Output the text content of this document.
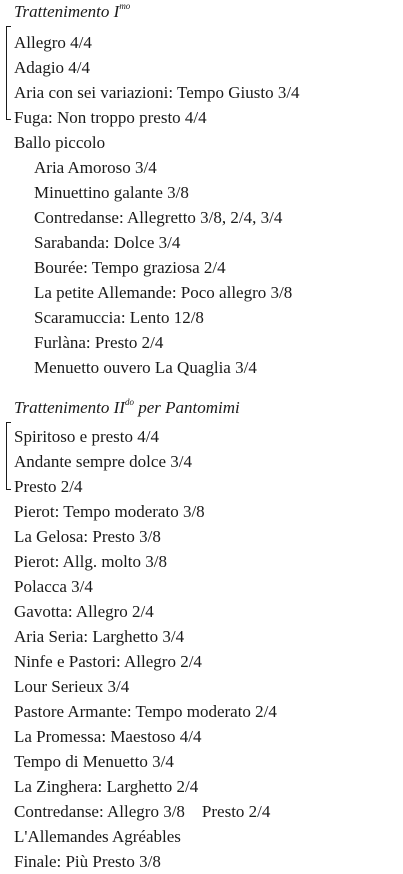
Trattenimento $I^{mo}$
Allegro 4/4
Adagio 4/4
Aria con sei variazioni: Tempo Giusto 3/4
Fuga: Non troppo presto 4/4
Ballo piccolo
Aria Amoroso 3/4
Minuettino galante 3/8
Contredanse: Allegretto 3/8, 2/4, 3/4
Sarabanda: Dolce 3/4
Bourée: Tempo graziosa 2/4
La petite Allemande: Poco allegro 3/8
Scaramuccia: Lento 12/8
Furlàna: Presto 2/4
Menuetto ouvero La Quaglia 3/4
Trattenimento $II^{do}$ per Pantomimi
Spiritoso e presto 4/4
Andante sempre dolce 3/4
Presto 2/4
Pierot: Tempo moderato 3/8
La Gelosa: Presto 3/8
Pierot: Allg. molto 3/8
Polacca 3/4
Gavotta: Allegro 2/4
Aria Seria: Larghetto 3/4
Ninfe e Pastori: Allegro 2/4
Lour Serieux 3/4
Pastore Armante: Tempo moderato 2/4
La Promessa: Maestoso 4/4
Tempo di Menuetto 3/4
La Zinghera: Larghetto 2/4
Contredanse: Allegro 3/8    Presto 2/4
L'Allemandes Agréables
Finale: Più Presto 3/8
